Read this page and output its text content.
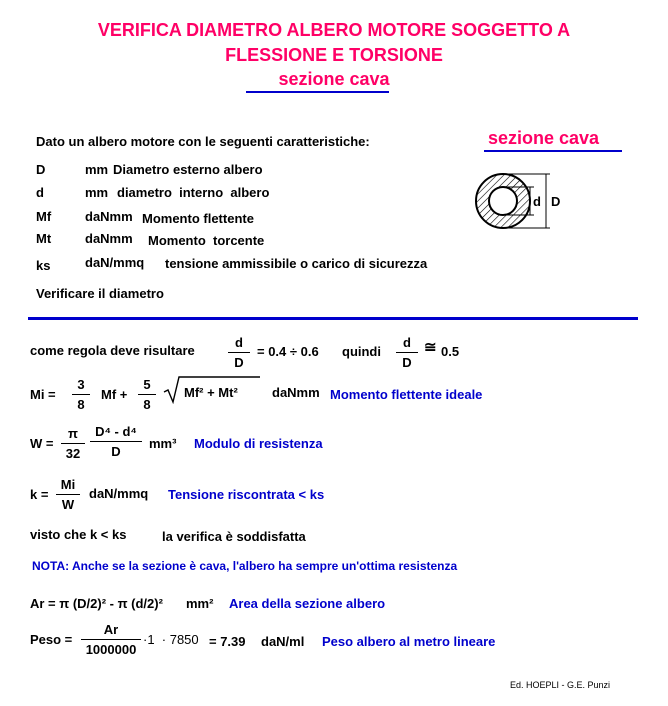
VERIFICA DIAMETRO ALBERO MOTORE SOGGETTO A
FLESSIONE E TORSIONE
sezione cava
Dato un albero motore con le seguenti caratteristiche:	sezione cava
d D
D	mm Diametro esterno albero
d	mm diametro  interno  albero
Mf	daNmm Momento flettente
Mt	daNmm Momento  torcente
ks	daN/mmq tensione ammissibile o carico di sicurezza
Verificare il diametro
come regola deve risultare
d
D
= 0.4 ÷ 0.6 quindi
d
D
≅ 0.5
Mi =
3
8
Mf +
5
8
Mf² + Mt²	daNmm Momento flettente ideale
W =
π
32
D⁴ - d⁴
D
mm³ Modulo di resistenza
k =
Mi
W
daN/mmq Tensione riscontrata < ks
visto che k < ks	la verifica è soddisfatta
NOTA: Anche se la sezione è cava, l'albero ha sempre un'ottima resistenza
Ar = π (D/2)² - π (d/2)² mm² Area della sezione albero
Peso =
Ar
1000000
·1  · 7850 = 7.39 daN/ml Peso albero al metro lineare
Ed. HOEPLI - G.E. Punzi
